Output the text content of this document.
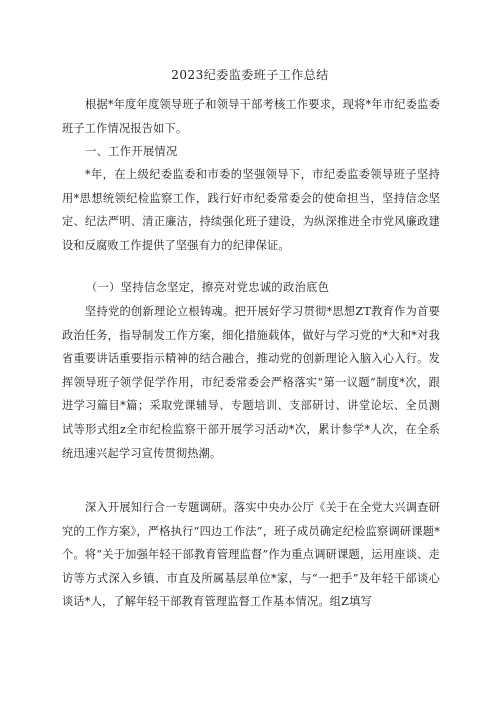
2023纪委监委班子工作总结
根据*年度年度领导班子和领导干部考核工作要求，现将*年市纪委监委班子工作情况报告如下。
一、工作开展情况
*年，在上级纪委监委和市委的坚强领导下，市纪委监委领导班子坚持用*思想统领纪检监察工作，践行好市纪委常委会的使命担当，坚持信念坚定、纪法严明、清正廉洁，持续强化班子建设，为纵深推进全市党风廉政建设和反腐败工作提供了坚强有力的纪律保证。
（一）坚持信念坚定，擦亮对党忠诚的政治底色
坚持党的创新理论立根铸魂。把开展好学习贯彻*思想ZT教育作为首要政治任务，指导制发工作方案，细化措施载体，做好与学习党的*大和*对我省重要讲话重要指示精神的结合融合，推动党的创新理论入脑入心入行。发挥领导班子领学促学作用，市纪委常委会严格落实“第一议题”制度*次，跟进学习篇目*篇；采取党课辅导、专题培训、支部研讨、讲堂论坛、全员测试等形式组z全市纪检监察干部开展学习活动*次，累计参学*人次，在全系统迅速兴起学习宣传贯彻热潮。
深入开展知行合一专题调研。落实中央办公厅《关于在全党大兴调查研究的工作方案》，严格执行“四边工作法”，班子成员确定纪检监察调研课题*个。将“关于加强年轻干部教育管理监督”作为重点调研课题，运用座谈、走访等方式深入乡镇、市直及所属基层单位*家，与“一把手”及年轻干部谈心谈话*人，了解年轻干部教育管理监督工作基本情况。组Z填写
